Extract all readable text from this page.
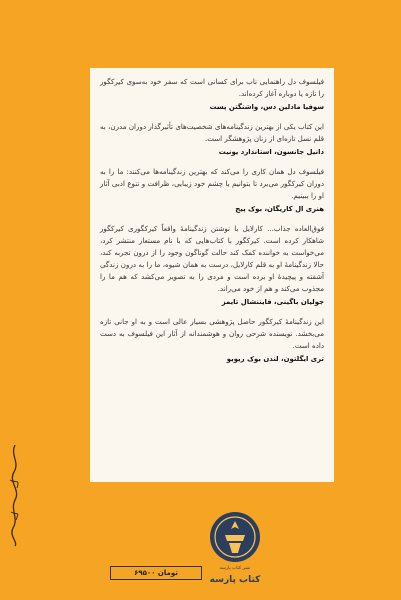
فیلسوف دل راهنمایی ناب برای کسانی است که سفر خود به‌سوی کیرکگور را تازه یا دوباره آغاز کرده‌اند.

سوفیا مادلین دس، واشنگتن پست

این کتاب یکی از بهترین زندگینامه‌های شخصیت‌های تأثیرگذار دوران مدرن، به قلم نسل تازه‌ای از زنان پژوهشگر است.

دانیل جانسون، استاندارد یونیت

فیلسوف دل همان کاری را می‌کند که بهترین زندگینامه‌ها می‌کنند: ما را به دوران کیرکگور می‌برد تا بتوانیم با چشم خود زیبایی، ظرافت و تنوع ادبی آثار او را ببینیم.

هنری ال کاریگان، بوک پیج

فوق‌العاده جذاب... کارلایل با نوشتن زندگینامهٔ واقعاً کیرکگوری کیرکگور شاهکار کرده است. کیرکگور با کتاب‌هایی که با نام مستعار منتشر کرد، می‌خواست به خواننده کمک کند حالت گوناگون وجود را از درون تجربه کند، حالا زندگینامهٔ او به قلم کارلایل، درست به همان شیوه، ما را به درون زندگی آشفته و پیچیدهٔ او برده است و مردی را به تصویر می‌کشد که هم ما را مجذوب می‌کند و هم از خود می‌راند.

جولیان باگینی، فایننشال تایمز

این زندگینامهٔ کیرکگور حاصل پژوهشی بسیار عالی است و به او جانی تازه می‌بخشد. نویسنده شرحی روان و هوشمندانه از آثار این فیلسوف به دست داده است.

تری ایگلتون، لندن بوک ریویو

۶۹۵۰۰ تومان
نشر کتاب پارسه
کتاب پارسه
